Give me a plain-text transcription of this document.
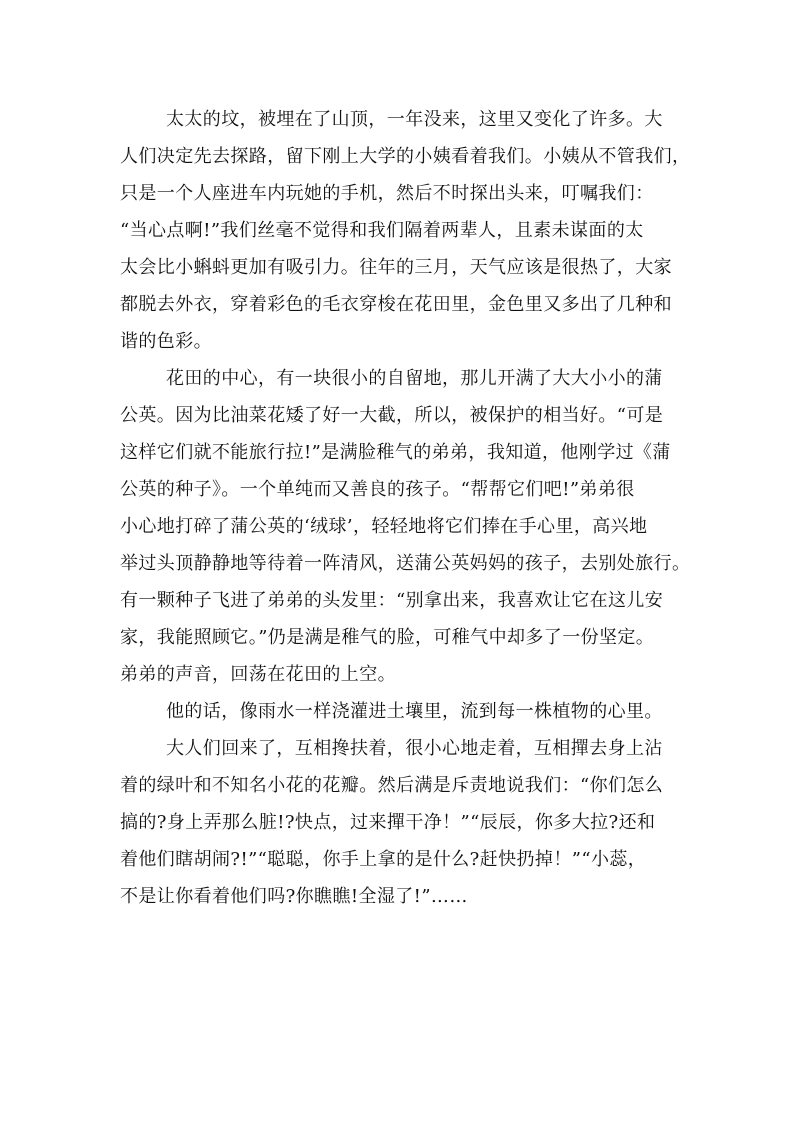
太太的坟，被埋在了山顶，一年没来，这里又变化了许多。大
人们决定先去探路，留下刚上大学的小姨看着我们。小姨从不管我们，
只是一个人座进车内玩她的手机，然后不时探出头来，叮嘱我们：
“当心点啊!”我们丝毫不觉得和我们隔着两辈人，且素未谋面的太
太会比小蝌蚪更加有吸引力。往年的三月，天气应该是很热了，大家
都脱去外衣，穿着彩色的毛衣穿梭在花田里，金色里又多出了几种和
谐的色彩。
花田的中心，有一块很小的自留地，那儿开满了大大小小的蒲
公英。因为比油菜花矮了好一大截，所以，被保护的相当好。“可是
这样它们就不能旅行拉!”是满脸稚气的弟弟，我知道，他刚学过《蒲
公英的种子》。一个单纯而又善良的孩子。“帮帮它们吧!”弟弟很
小心地打碎了蒲公英的‘绒球’，轻轻地将它们捧在手心里，高兴地
举过头顶静静地等待着一阵清风，送蒲公英妈妈的孩子，去别处旅行。
有一颗种子飞进了弟弟的头发里：“别拿出来，我喜欢让它在这儿安
家，我能照顾它。”仍是满是稚气的脸，可稚气中却多了一份坚定。
弟弟的声音，回荡在花田的上空。
他的话，像雨水一样浇灌进土壤里，流到每一株植物的心里。
大人们回来了，互相搀扶着，很小心地走着，互相撣去身上沾
着的绿叶和不知名小花的花瓣。然后满是斥责地说我们：“你们怎么
搞的?身上弄那么脏!?快点，过来撣干净！”“辰辰，你多大拉?还和
着他们瞎胡闹?!”“聪聪，你手上拿的是什么?赶快扔掉！”“小蕊，
不是让你看着他们吗?你瞧瞧!全湿了!”……
